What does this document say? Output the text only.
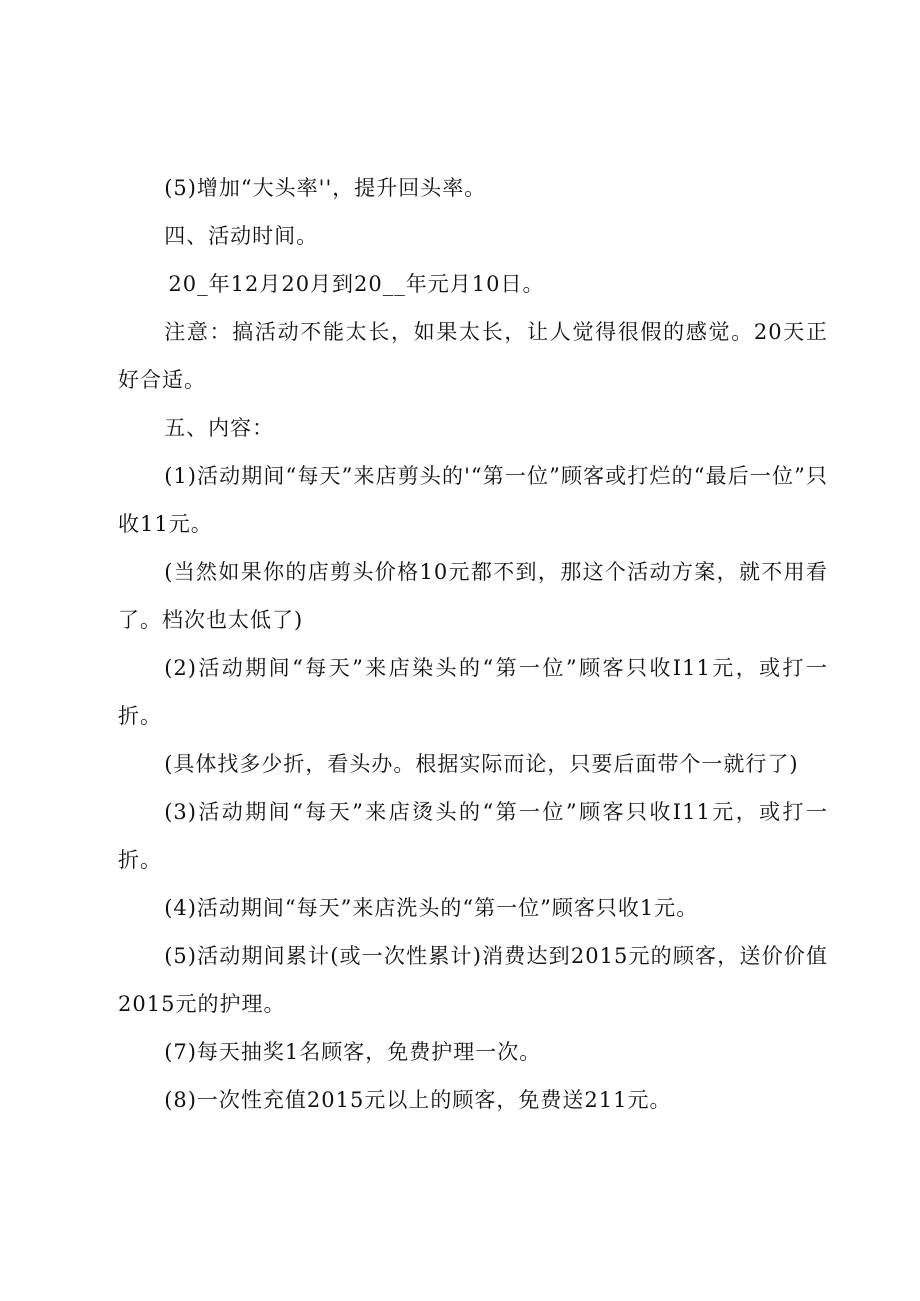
(5)增加“大头率''，提升回头率。

四、活动时间。

20_年12月20月到20__年元月10日。

注意：搞活动不能太长，如果太长，让人觉得很假的感觉。20天正好合适。

五、内容：

(1)活动期间“每天”来店剪头的'“第一位”顾客或打烂的“最后一位”只收11元。

(当然如果你的店剪头价格10元都不到，那这个活动方案，就不用看了。档次也太低了)

(2)活动期间“每天”来店染头的“第一位”顾客只收I11元，或打一折。

(具体找多少折，看头办。根据实际而论，只要后面带个一就行了)

(3)活动期间“每天”来店烫头的“第一位”顾客只收I11元，或打一折。

(4)活动期间“每天”来店洗头的“第一位”顾客只收1元。

(5)活动期间累计(或一次性累计)消费达到2015元的顾客，送价价值2015元的护理。

(7)每天抽奖1名顾客，免费护理一次。

(8)一次性充值2015元以上的顾客，免费送211元。
